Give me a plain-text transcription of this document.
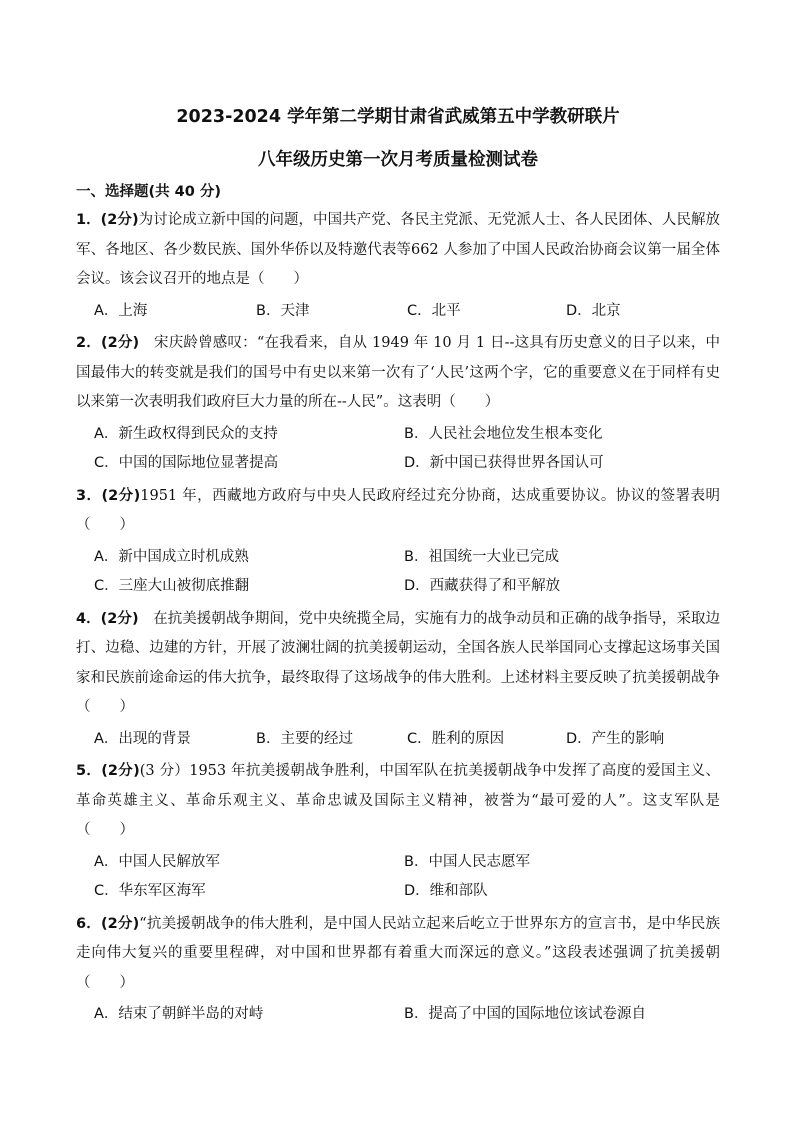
2023-2024 学年第二学期甘肃省武威第五中学教研联片
八年级历史第一次月考质量检测试卷
一、选择题(共 40 分)

1．(2分)为讨论成立新中国的问题，中国共产党、各民主党派、无党派人士、各人民团体、人民解放军、各地区、各少数民族、国外华侨以及特邀代表等662 人参加了中国人民政治协商会议第一届全体会议。该会议召开的地点是（　　）

A．上海	B．天津	C．北平	D．北京

2．(2分)　宋庆龄曾感叹：“在我看来，自从 1949 年 10 月 1 日--这具有历史意义的日子以来，中国最伟大的转变就是我们的国号中有史以来第一次有了‘人民’这两个字，它的重要意义在于同样有史以来第一次表明我们政府巨大力量的所在--人民”。这表明（　　）

A．新生政权得到民众的支持	B．人民社会地位发生根本变化
C．中国的国际地位显著提高	D．新中国已获得世界各国认可

3．(2分)1951 年，西藏地方政府与中央人民政府经过充分协商，达成重要协议。协议的签署表明（　　）

A．新中国成立时机成熟	B．祖国统一大业已完成
C．三座大山被彻底推翻	D．西藏获得了和平解放

4．(2分)　在抗美援朝战争期间，党中央统揽全局，实施有力的战争动员和正确的战争指导，采取边打、边稳、边建的方针，开展了波澜壮阔的抗美援朝运动，全国各族人民举国同心支撑起这场事关国家和民族前途命运的伟大抗争，最终取得了这场战争的伟大胜利。上述材料主要反映了抗美援朝战争（　　）

A．出现的背景	B．主要的经过	C．胜利的原因	D．产生的影响

5．(2分)(3 分）1953 年抗美援朝战争胜利，中国军队在抗美援朝战争中发挥了高度的爱国主义、革命英雄主义、革命乐观主义、革命忠诚及国际主义精神，被誉为“最可爱的人”。这支军队是（　　）

A．中国人民解放军	B．中国人民志愿军
C．华东军区海军	D．维和部队

6．(2分)“抗美援朝战争的伟大胜利，是中国人民站立起来后屹立于世界东方的宣言书，是中华民族走向伟大复兴的重要里程碑，对中国和世界都有着重大而深远的意义。”这段表述强调了抗美援朝（　　）

A．结束了朝鲜半岛的对峙	B．提高了中国的国际地位该试卷源自
